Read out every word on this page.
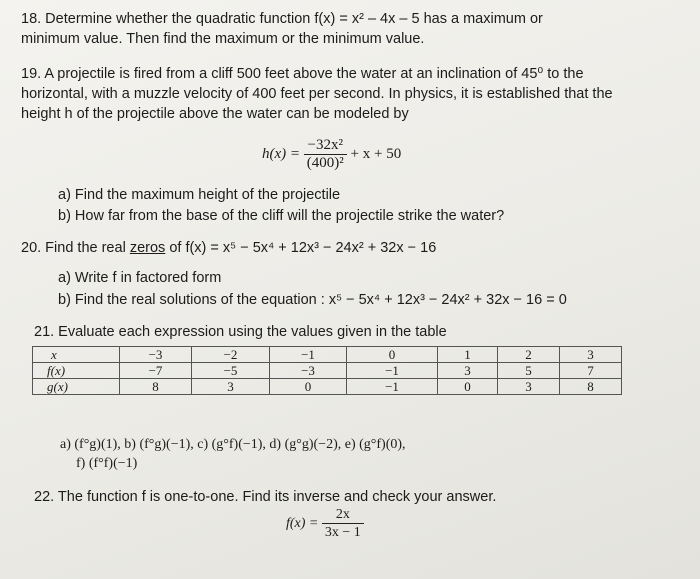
18. Determine whether the quadratic function f(x) = x² – 4x – 5 has a maximum or
minimum value. Then find the maximum or the minimum value.
19. A projectile is fired from a cliff 500 feet above the water at an inclination of 45⁰ to the
horizontal, with a muzzle velocity of 400 feet per second. In physics, it is established that the
height h of the projectile above the water can be modeled by
$h(x) = \frac{\text{−32x²}}{\text{(400)²}} + x + 50$
a) Find the maximum height of the projectile
b) How far from the base of the cliff will the projectile strike the water?
20. Find the real zeros of f(x) = x⁵ − 5x⁴ + 12x³ − 24x² + 32x − 16
a) Write f in factored form
b) Find the real solutions of the equation : x⁵ − 5x⁴ + 12x³ − 24x² + 32x − 16 = 0
21. Evaluate each expression using the values given in the table
x	−3	−2	−1	0	1	2	3
f(x)	−7	−5	−3	−1	3	5	7
g(x)	8	3	0	−1	0	3	8
a) (f°g)(1), b) (f°g)(−1), c) (g°f)(−1), d) (g°g)(−2), e) (g°f)(0),
f) (f°f)(−1)
22. The function f is one-to-one. Find its inverse and check your answer.
$f(x) = \frac{2x}{3x - 1}$
